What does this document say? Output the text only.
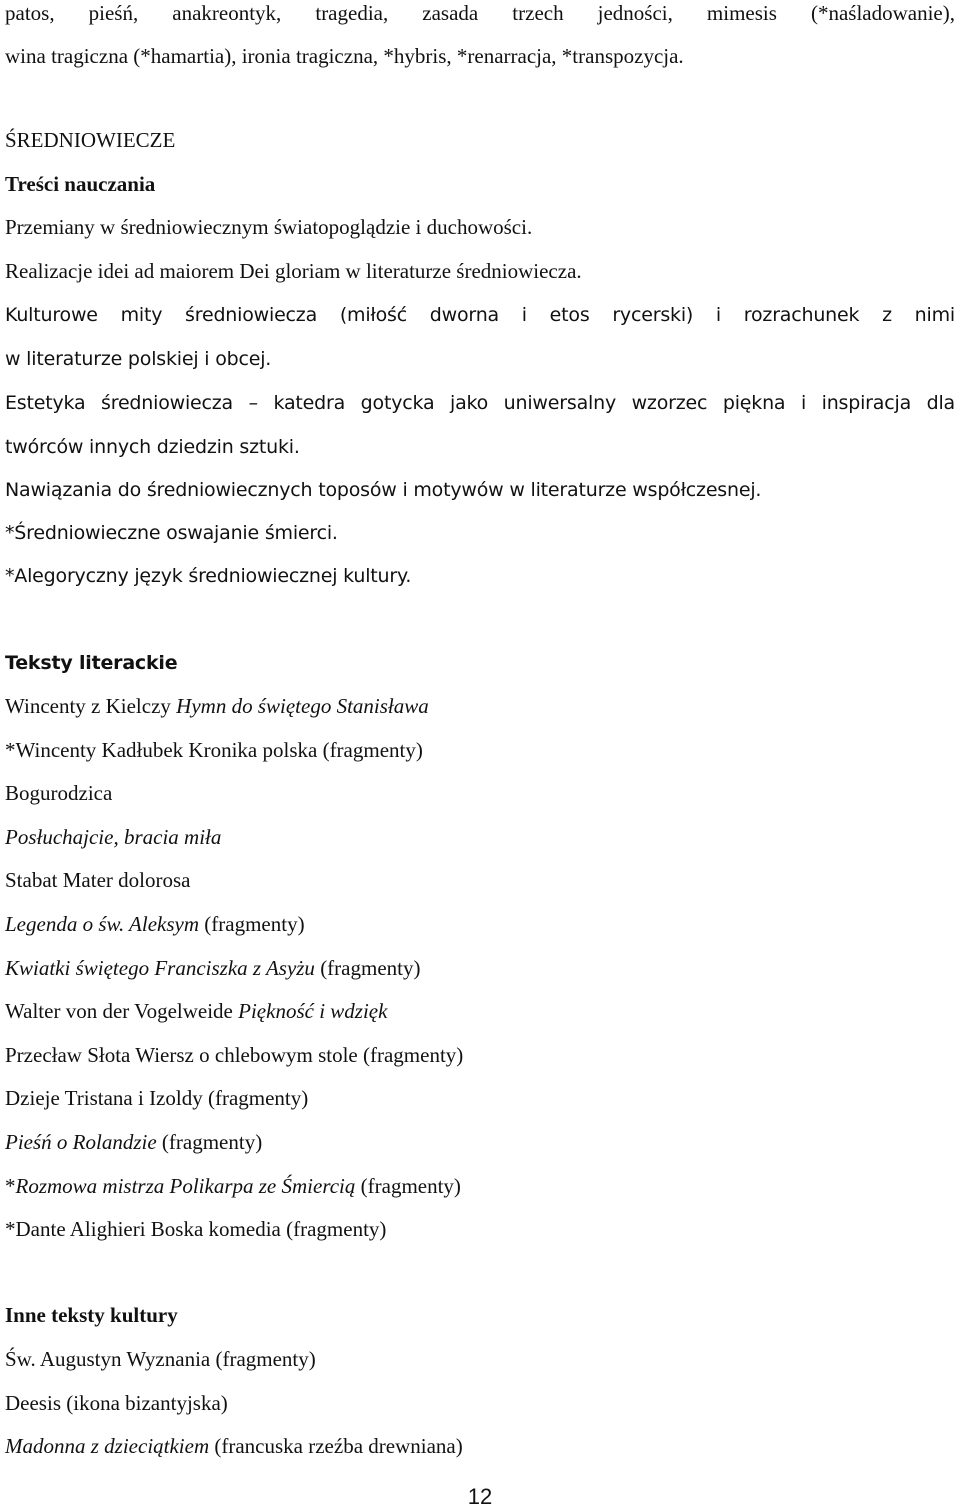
patos, pieśń, anakreontyk, tragedia, zasada trzech jedności, mimesis (*naśladowanie),
wina tragiczna (*hamartia), ironia tragiczna, *hybris, *renarracja, *transpozycja.
ŚREDNIOWIECZE
Treści nauczania
Przemiany w średniowiecznym światopoglądzie i duchowości.
Realizacje idei ad maiorem Dei gloriam w literaturze średniowiecza.
Kulturowe mity średniowiecza (miłość dworna i etos rycerski) i rozrachunek z nimi
w literaturze polskiej i obcej.
Estetyka średniowiecza – katedra gotycka jako uniwersalny wzorzec piękna i inspiracja dla
twórców innych dziedzin sztuki.
Nawiązania do średniowiecznych toposów i motywów w literaturze współczesnej.
*Średniowieczne oswajanie śmierci.
*Alegoryczny język średniowiecznej kultury.
Teksty literackie
Wincenty z Kielczy Hymn do świętego Stanisława
*Wincenty Kadłubek Kronika polska (fragmenty)
Bogurodzica
Posłuchajcie, bracia miła
Stabat Mater dolorosa
Legenda o św. Aleksym (fragmenty)
Kwiatki świętego Franciszka z Asyżu (fragmenty)
Walter von der Vogelweide Piękność i wdzięk
Przecław Słota Wiersz o chlebowym stole (fragmenty)
Dzieje Tristana i Izoldy (fragmenty)
Pieśń o Rolandzie (fragmenty)
*Rozmowa mistrza Polikarpa ze Śmiercią (fragmenty)
*Dante Alighieri Boska komedia (fragmenty)
Inne teksty kultury
Św. Augustyn Wyznania (fragmenty)
Deesis (ikona bizantyjska)
Madonna z dzieciątkiem (francuska rzeźba drewniana)
12
